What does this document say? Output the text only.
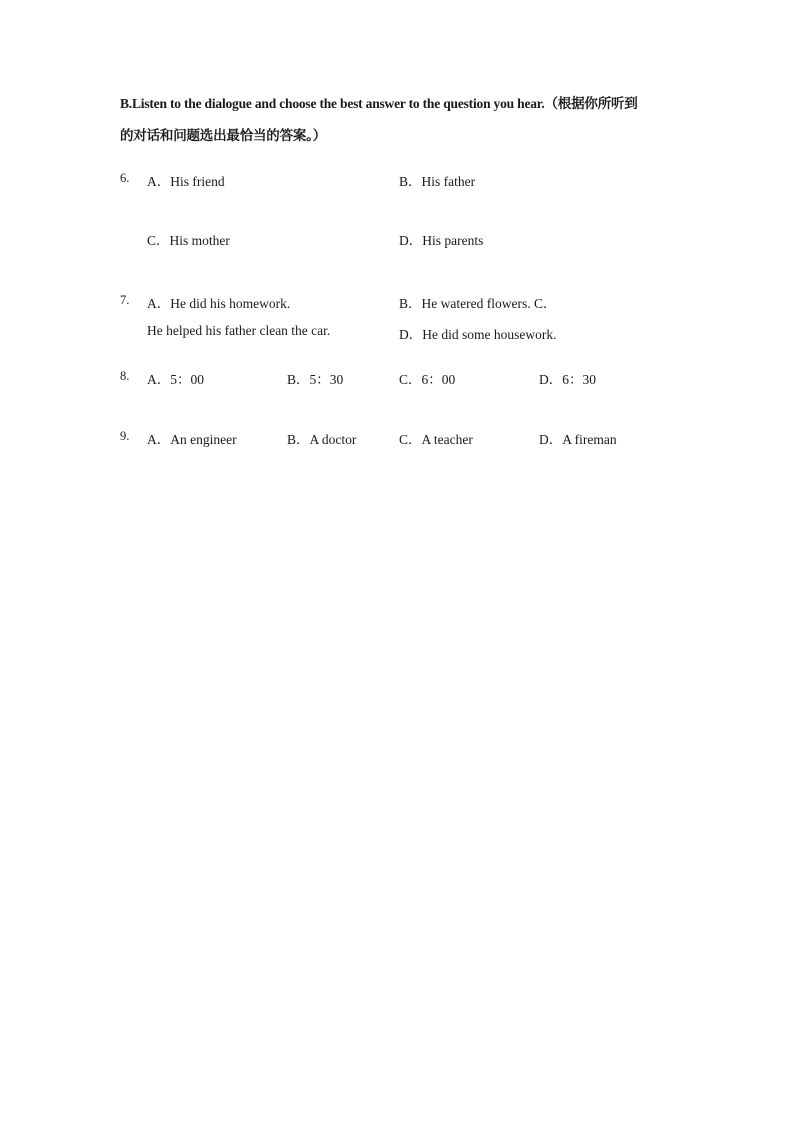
B.Listen to the dialogue and choose the best answer to the question you hear.（根据你所听到
的对话和问题选出最恰当的答案。）
6. A．His friend	B．His father
C．His mother	D．His parents
7. A．He did his homework.	B．He watered flowers. C．
He helped his father clean the car.	D．He did some housework.
8. A．5：00	B．5：30	C．6：00	D．6：30
9. A．An engineer	B．A doctor	C．A teacher	D．A fireman
